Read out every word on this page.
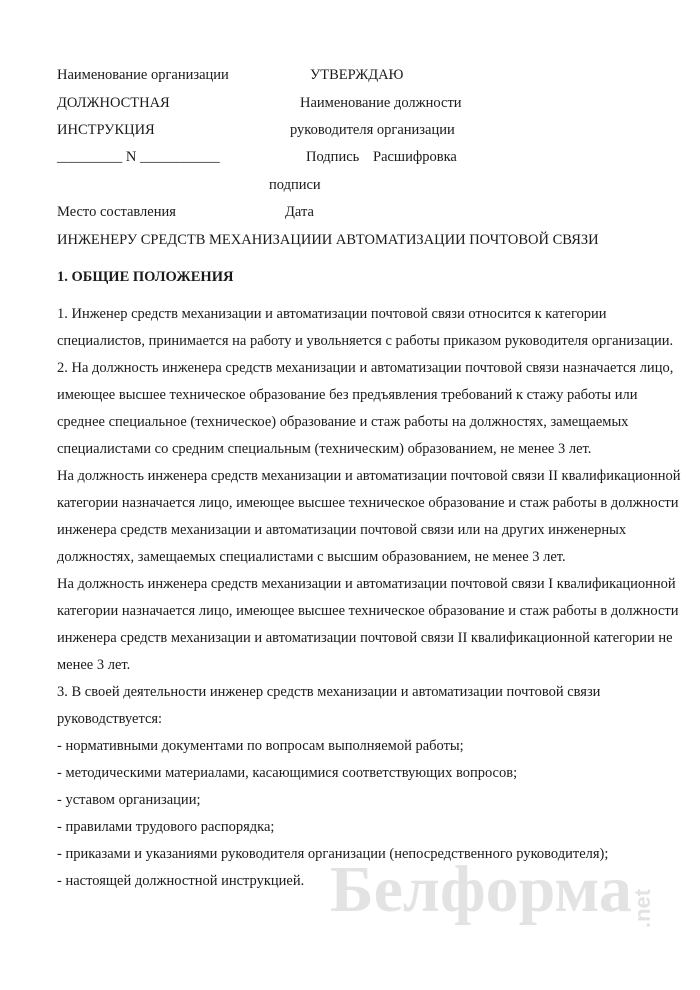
Наименование организации	УТВЕРЖДАЮ
ДОЛЖНОСТНАЯ	Наименование должности
ИНСТРУКЦИЯ	руководителя организации
_________ N ___________	Подпись Расшифровка
подписи
Место составления	Дата
ИНЖЕНЕРУ СРЕДСТВ МЕХАНИЗАЦИИИ АВТОМАТИЗАЦИИ ПОЧТОВОЙ СВЯЗИ
1. ОБЩИЕ ПОЛОЖЕНИЯ
1. Инженер средств механизации и автоматизации почтовой связи относится к категории
специалистов, принимается на работу и увольняется с работы приказом руководителя организации.
2. На должность инженера средств механизации и автоматизации почтовой связи назначается лицо,
имеющее высшее техническое образование без предъявления требований к стажу работы или
среднее специальное (техническое) образование и стаж работы на должностях, замещаемых
специалистами со средним специальным (техническим) образованием, не менее 3 лет.
На должность инженера средств механизации и автоматизации почтовой связи II квалификационной
категории назначается лицо, имеющее высшее техническое образование и стаж работы в должности
инженера средств механизации и автоматизации почтовой связи или на других инженерных
должностях, замещаемых специалистами с высшим образованием, не менее 3 лет.
На должность инженера средств механизации и автоматизации почтовой связи I квалификационной
категории назначается лицо, имеющее высшее техническое образование и стаж работы в должности
инженера средств механизации и автоматизации почтовой связи II квалификационной категории не
менее 3 лет.
3. В своей деятельности инженер средств механизации и автоматизации почтовой связи
руководствуется:
- нормативными документами по вопросам выполняемой работы;
- методическими материалами, касающимися соответствующих вопросов;
- уставом организации;
- правилами трудового распорядка;
- приказами и указаниями руководителя организации (непосредственного руководителя);
- настоящей должностной инструкцией. Белформа
.net
